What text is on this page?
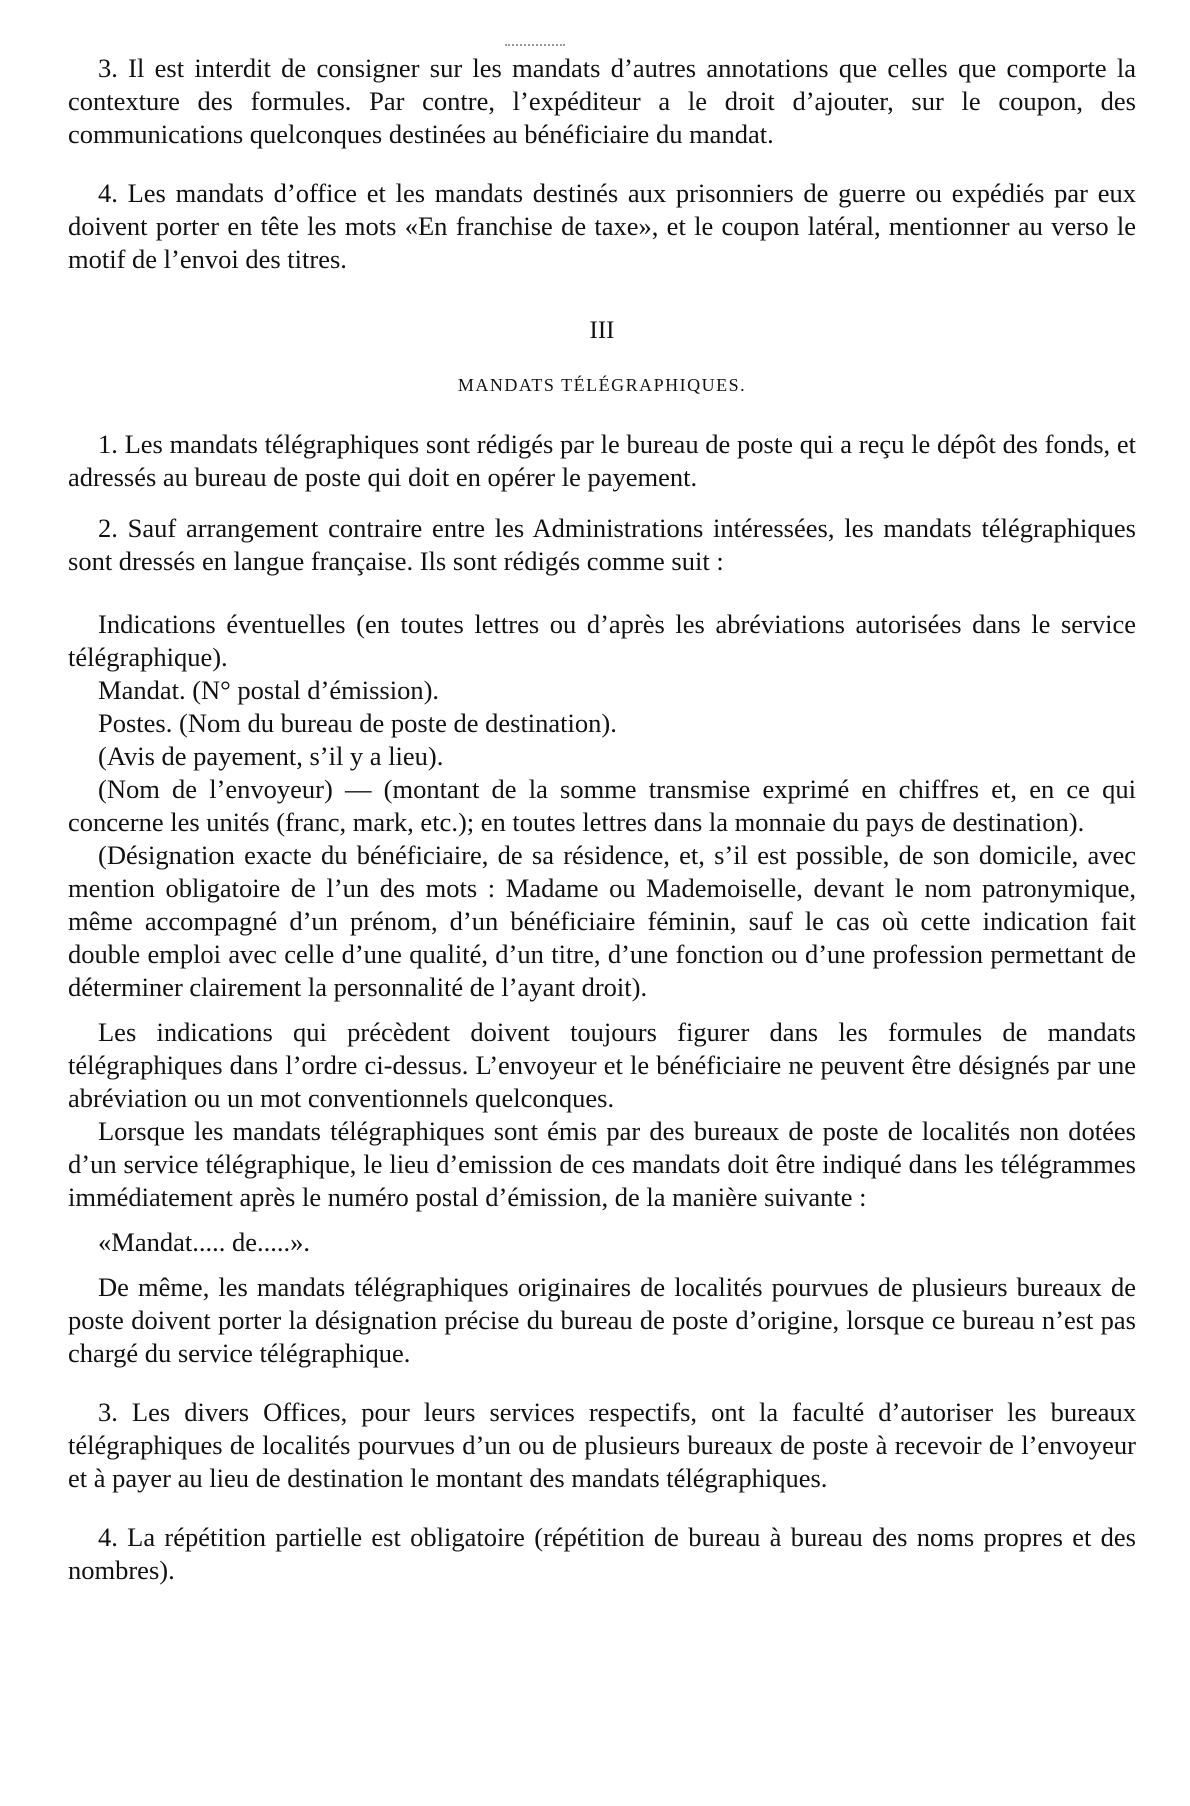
3. Il est interdit de consigner sur les mandats d’autres annotations que celles que comporte la contexture des formules. Par contre, l’expéditeur a le droit d’ajouter, sur le coupon, des communications quelconques destinées au bénéficiaire du mandat.

4. Les mandats d’office et les mandats destinés aux prisonniers de guerre ou expédiés par eux doivent porter en tête les mots «En franchise de taxe», et le coupon latéral, mentionner au verso le motif de l’envoi des titres.

III

MANDATS TÉLÉGRAPHIQUES.

1. Les mandats télégraphiques sont rédigés par le bureau de poste qui a reçu le dépôt des fonds, et adressés au bureau de poste qui doit en opérer le payement.

2. Sauf arrangement contraire entre les Administrations intéressées, les mandats télégraphiques sont dressés en langue française. Ils sont rédigés comme suit :

Indications éventuelles (en toutes lettres ou d’après les abréviations autorisées dans le service télégraphique).

Mandat. (N° postal d’émission).

Postes. (Nom du bureau de poste de destination).

(Avis de payement, s’il y a lieu).

(Nom de l’envoyeur) — (montant de la somme transmise exprimé en chiffres et, en ce qui concerne les unités (franc, mark, etc.); en toutes lettres dans la monnaie du pays de destination).

(Désignation exacte du bénéficiaire, de sa résidence, et, s’il est possible, de son domicile, avec mention obligatoire de l’un des mots : Madame ou Mademoiselle, devant le nom patronymique, même accompagné d’un prénom, d’un bénéficiaire féminin, sauf le cas où cette indication fait double emploi avec celle d’une qualité, d’un titre, d’une fonction ou d’une profession permettant de déterminer clairement la personnalité de l’ayant droit).

Les indications qui précèdent doivent toujours figurer dans les formules de mandats télégraphiques dans l’ordre ci-dessus. L’envoyeur et le bénéficiaire ne peuvent être désignés par une abréviation ou un mot conventionnels quelconques.

Lorsque les mandats télégraphiques sont émis par des bureaux de poste de localités non dotées d’un service télégraphique, le lieu d’emission de ces mandats doit être indiqué dans les télégrammes immédiatement après le numéro postal d’émission, de la manière suivante :

«Mandat..... de.....».

De même, les mandats télégraphiques originaires de localités pourvues de plusieurs bureaux de poste doivent porter la désignation précise du bureau de poste d’origine, lorsque ce bureau n’est pas chargé du service télégraphique.

3. Les divers Offices, pour leurs services respectifs, ont la faculté d’autoriser les bureaux télégraphiques de localités pourvues d’un ou de plusieurs bureaux de poste à recevoir de l’envoyeur et à payer au lieu de destination le montant des mandats télégraphiques.

4. La répétition partielle est obligatoire (répétition de bureau à bureau des noms propres et des nombres).
